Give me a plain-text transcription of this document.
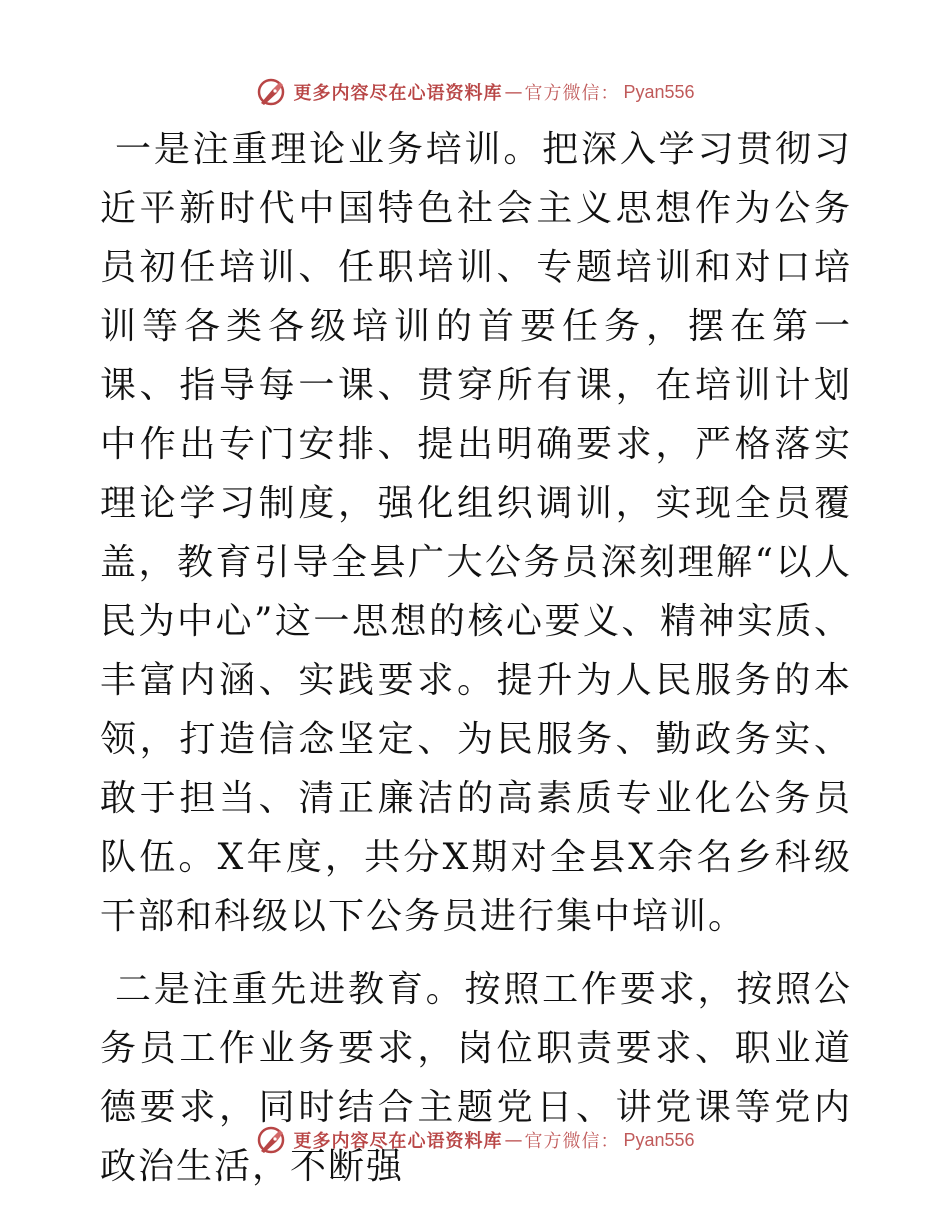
更多内容尽在心语资料库 — 官方微信： Pyan556

一是注重理论业务培训。把深入学习贯彻习近平新时代中国特色社会主义思想作为公务员初任培训、任职培训、专题培训和对口培训等各类各级培训的首要任务，摆在第一课、指导每一课、贯穿所有课，在培训计划中作出专门安排、提出明确要求，严格落实理论学习制度，强化组织调训，实现全员覆盖，教育引导全县广大公务员深刻理解“以人民为中心”这一思想的核心要义、精神实质、丰富内涵、实践要求。提升为人民服务的本领，打造信念坚定、为民服务、勤政务实、敢于担当、清正廉洁的高素质专业化公务员队伍。X年度，共分X期对全县X余名乡科级干部和科级以下公务员进行集中培训。

二是注重先进教育。按照工作要求，按照公务员工作业务要求，岗位职责要求、职业道德要求，同时结合主题党日、讲党课等党内政治生活，不断强

更多内容尽在心语资料库 — 官方微信： Pyan556
